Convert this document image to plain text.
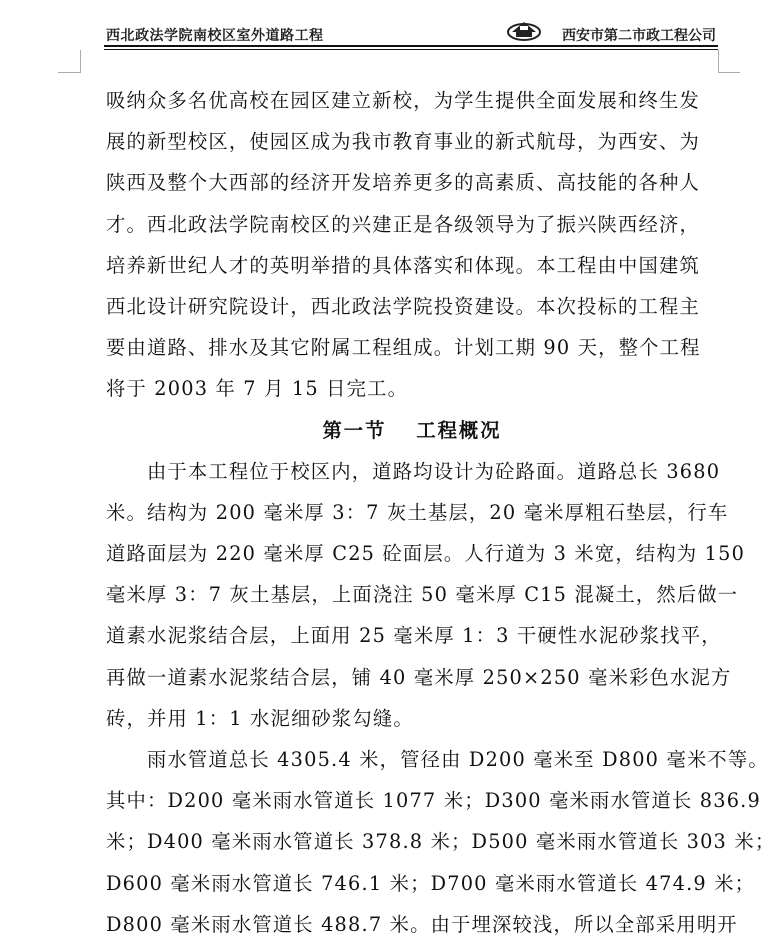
西北政法学院南校区室外道路工程	西安市第二市政工程公司
吸纳众多名优高校在园区建立新校，为学生提供全面发展和终生发
展的新型校区，使园区成为我市教育事业的新式航母，为西安、为
陕西及整个大西部的经济开发培养更多的高素质、高技能的各种人
才。西北政法学院南校区的兴建正是各级领导为了振兴陕西经济，
培养新世纪人才的英明举措的具体落实和体现。本工程由中国建筑
西北设计研究院设计，西北政法学院投资建设。本次投标的工程主
要由道路、排水及其它附属工程组成。计划工期 90 天，整个工程
将于 2003 年 7 月 15 日完工。
第一节　 工程概况
　　由于本工程位于校区内，道路均设计为砼路面。道路总长 3680
米。结构为 200 毫米厚 3：7 灰土基层，20 毫米厚粗石垫层，行车
道路面层为 220 毫米厚 C25 砼面层。人行道为 3 米宽，结构为 150
毫米厚 3：7 灰土基层，上面浇注 50 毫米厚 C15 混凝土，然后做一
道素水泥浆结合层，上面用 25 毫米厚 1：3 干硬性水泥砂浆找平，
再做一道素水泥浆结合层，铺 40 毫米厚 250×250 毫米彩色水泥方
砖，并用 1：1 水泥细砂浆勾缝。
　　雨水管道总长 4305.4 米，管径由 D200 毫米至 D800 毫米不等。
其中：D200 毫米雨水管道长 1077 米；D300 毫米雨水管道长 836.9
米；D400 毫米雨水管道长 378.8 米；D500 毫米雨水管道长 303 米；
D600 毫米雨水管道长 746.1 米；D700 毫米雨水管道长 474.9 米；
D800 毫米雨水管道长 488.7 米。由于埋深较浅，所以全部采用明开
